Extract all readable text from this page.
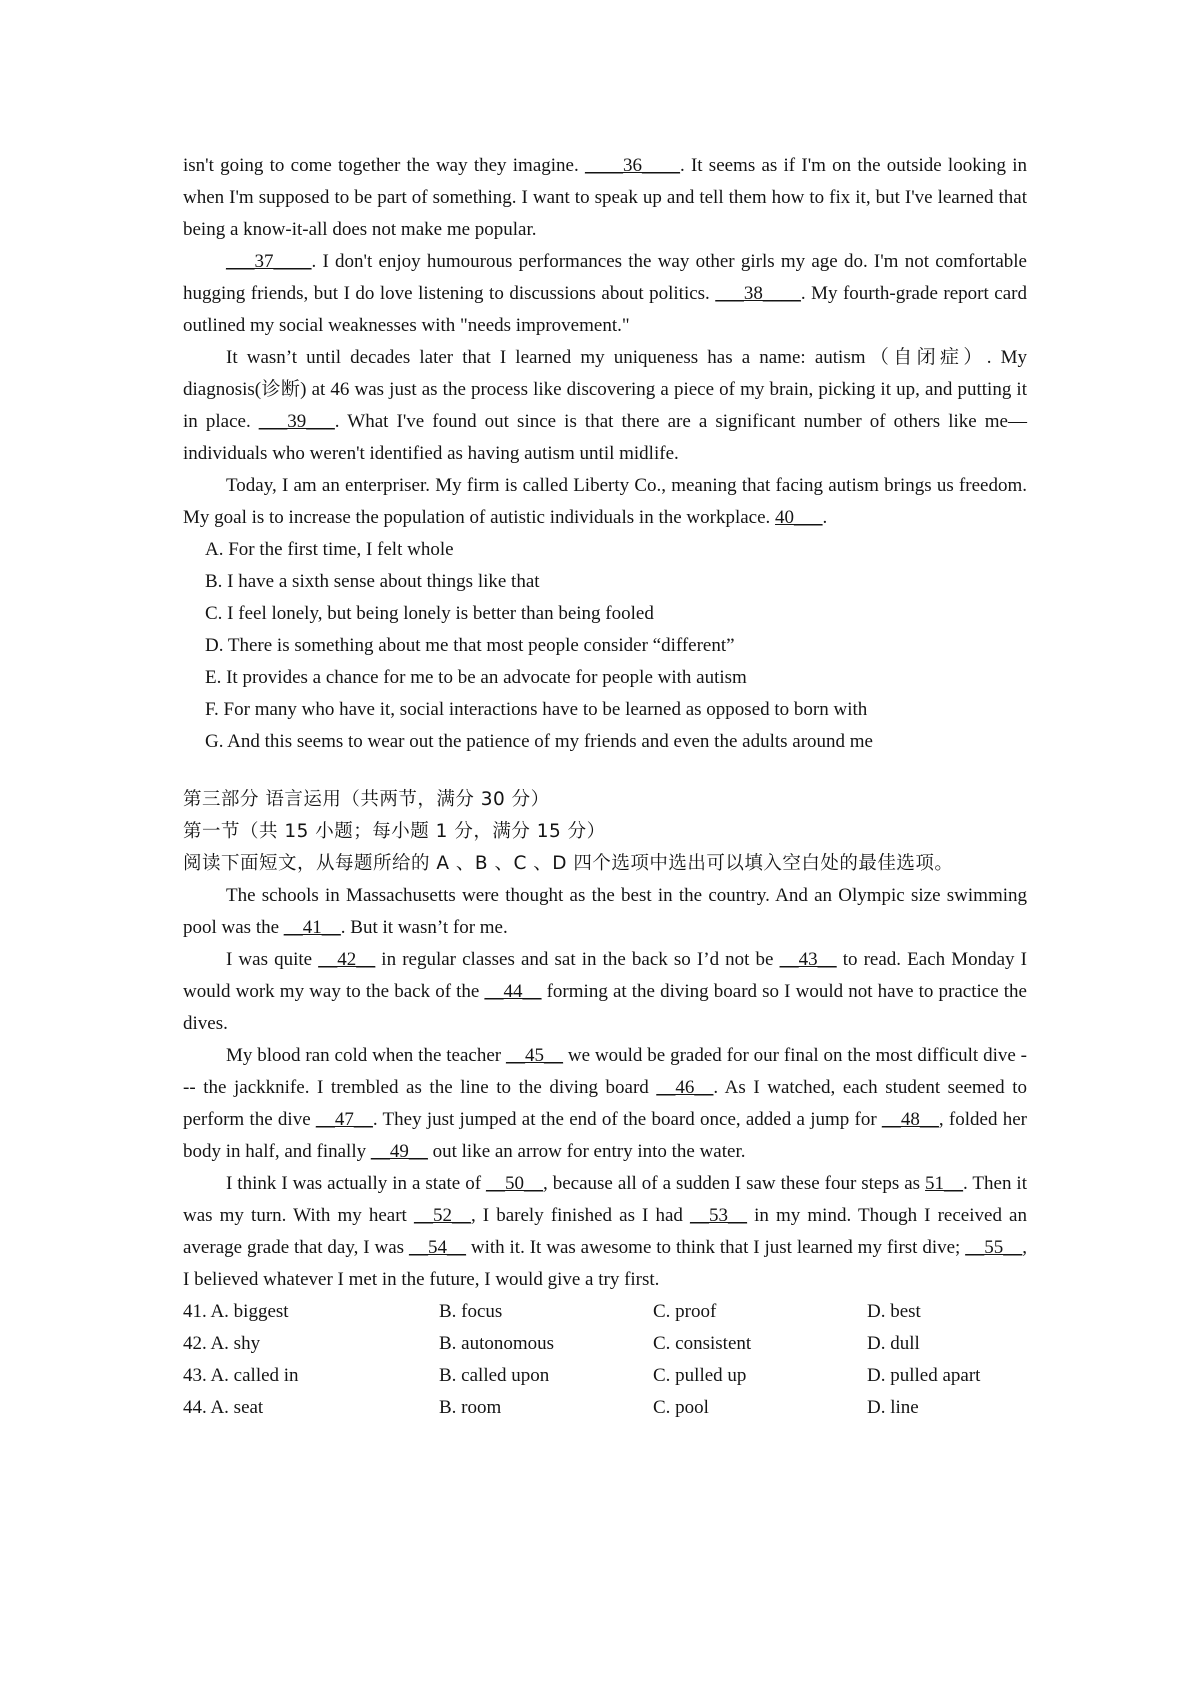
isn't going to come together the way they imagine. ____36____. It seems as if I'm on the outside looking in when I'm supposed to be part of something. I want to speak up and tell them how to fix it, but I've learned that being a know-it-all does not make me popular.

___37____. I don't enjoy humourous performances the way other girls my age do. I'm not comfortable hugging friends, but I do love listening to discussions about politics. ___38____. My fourth-grade report card outlined my social weaknesses with "needs improvement."

It wasn’t until decades later that I learned my uniqueness has a name: autism（自闭症）. My diagnosis(诊断) at 46 was just as the process like discovering a piece of my brain, picking it up, and putting it in place. ___39___. What I've found out since is that there are a significant number of others like me—individuals who weren't identified as having autism until midlife.

Today, I am an enterpriser. My firm is called Liberty Co., meaning that facing autism brings us freedom. My goal is to increase the population of autistic individuals in the workplace. 40___.

A. For the first time, I felt whole
B. I have a sixth sense about things like that
C. I feel lonely, but being lonely is better than being fooled
D. There is something about me that most people consider “different”
E. It provides a chance for me to be an advocate for people with autism
F. For many who have it, social interactions have to be learned as opposed to born with
G. And this seems to wear out the patience of my friends and even the adults around me

第三部分 语言运用（共两节，满分 30 分）

第一节（共 15 小题；每小题 1 分，满分 15 分）

阅读下面短文，从每题所给的 A 、B 、C 、D 四个选项中选出可以填入空白处的最佳选项。

The schools in Massachusetts were thought as the best in the country. And an Olympic size swimming pool was the __41__. But it wasn’t for me.

I was quite __42__ in regular classes and sat in the back so I’d not be __43__ to read. Each Monday I would work my way to the back of the __44__ forming at the diving board so I would not have to practice the dives.

My blood ran cold when the teacher __45__ we would be graded for our final on the most difficult dive --- the jackknife. I trembled as the line to the diving board __46__. As I watched, each student seemed to perform the dive __47__. They just jumped at the end of the board once, added a jump for __48__, folded her body in half, and finally __49__ out like an arrow for entry into the water.

I think I was actually in a state of __50__, because all of a sudden I saw these four steps as 51__. Then it was my turn. With my heart __52__, I barely finished as I had __53__ in my mind. Though I received an average grade that day, I was __54__ with it. It was awesome to think that I just learned my first dive; __55__, I believed whatever I met in the future, I would give a try first.

41. A. biggest	B. focus	C. proof	D. best
42. A. shy	B. autonomous	C. consistent	D. dull
43. A. called in	B. called upon	C. pulled up	D. pulled apart
44. A. seat	B. room	C. pool	D. line
